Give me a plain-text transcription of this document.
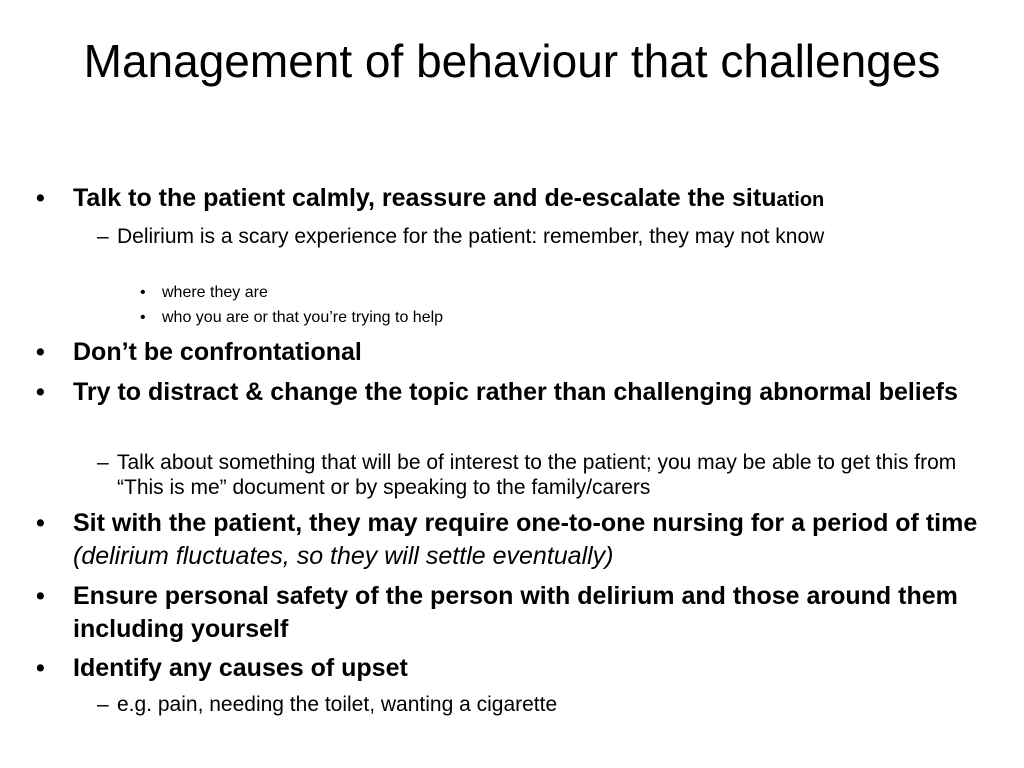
Management of behaviour that challenges
•	Talk to the patient calmly, reassure and de-escalate the situation
– Delirium is a scary experience for the patient: remember, they may not know
•	where they are
•	who you are or that you’re trying to help
•	Don’t be confrontational
•	Try to distract & change the topic rather than challenging abnormal beliefs
– Talk about something that will be of interest to the patient; you may be able to get this from “This is me” document or by speaking to the family/carers
•	Sit with the patient, they may require one-to-one nursing for a period of time (delirium fluctuates, so they will settle eventually)
•	Ensure personal safety of the person with delirium and those around them including yourself
•	Identify any causes of upset
– e.g. pain, needing the toilet, wanting a cigarette
